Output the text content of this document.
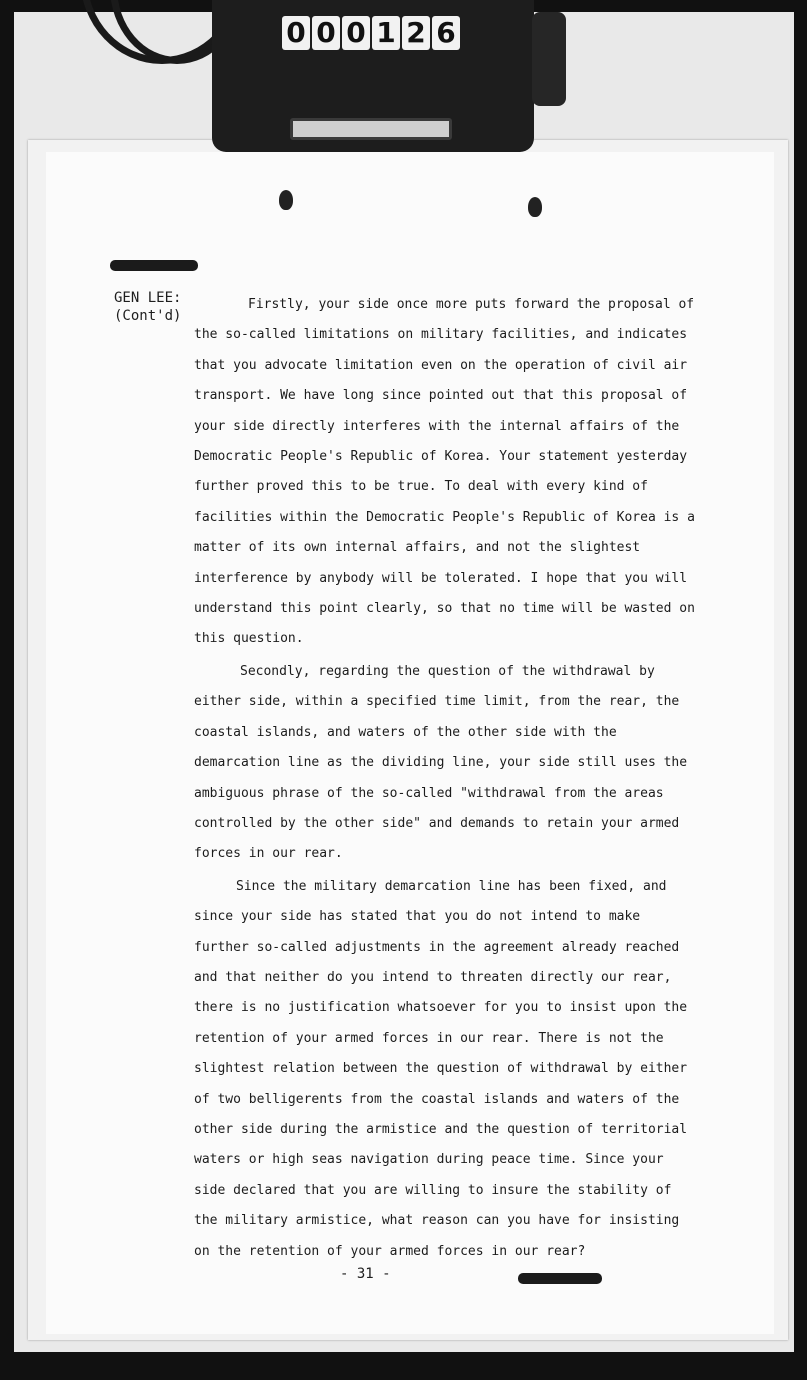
0 0 0 1 2 6
GEN LEE:
(Cont'd)

Firstly, your side once more puts forward the proposal of the so-called limitations on military facilities, and indicates that you advocate limitation even on the operation of civil air transport. We have long since pointed out that this proposal of your side directly interferes with the internal affairs of the Democratic People's Republic of Korea. Your statement yesterday further proved this to be true. To deal with every kind of facilities within the Democratic People's Republic of Korea is a matter of its own internal affairs, and not the slightest interference by anybody will be tolerated. I hope that you will understand this point clearly, so that no time will be wasted on this question.

Secondly, regarding the question of the withdrawal by either side, within a specified time limit, from the rear, the coastal islands, and waters of the other side with the demarcation line as the dividing line, your side still uses the ambiguous phrase of the so-called "withdrawal from the areas controlled by the other side" and demands to retain your armed forces in our rear.

Since the military demarcation line has been fixed, and since your side has stated that you do not intend to make further so-called adjustments in the agreement already reached and that neither do you intend to threaten directly our rear, there is no justification whatsoever for you to insist upon the retention of your armed forces in our rear. There is not the slightest relation between the question of withdrawal by either of two belligerents from the coastal islands and waters of the other side during the armistice and the question of territorial waters or high seas navigation during peace time. Since your side declared that you are willing to insure the stability of the military armistice, what reason can you have for insisting on the retention of your armed forces in our rear?

- 31 -
